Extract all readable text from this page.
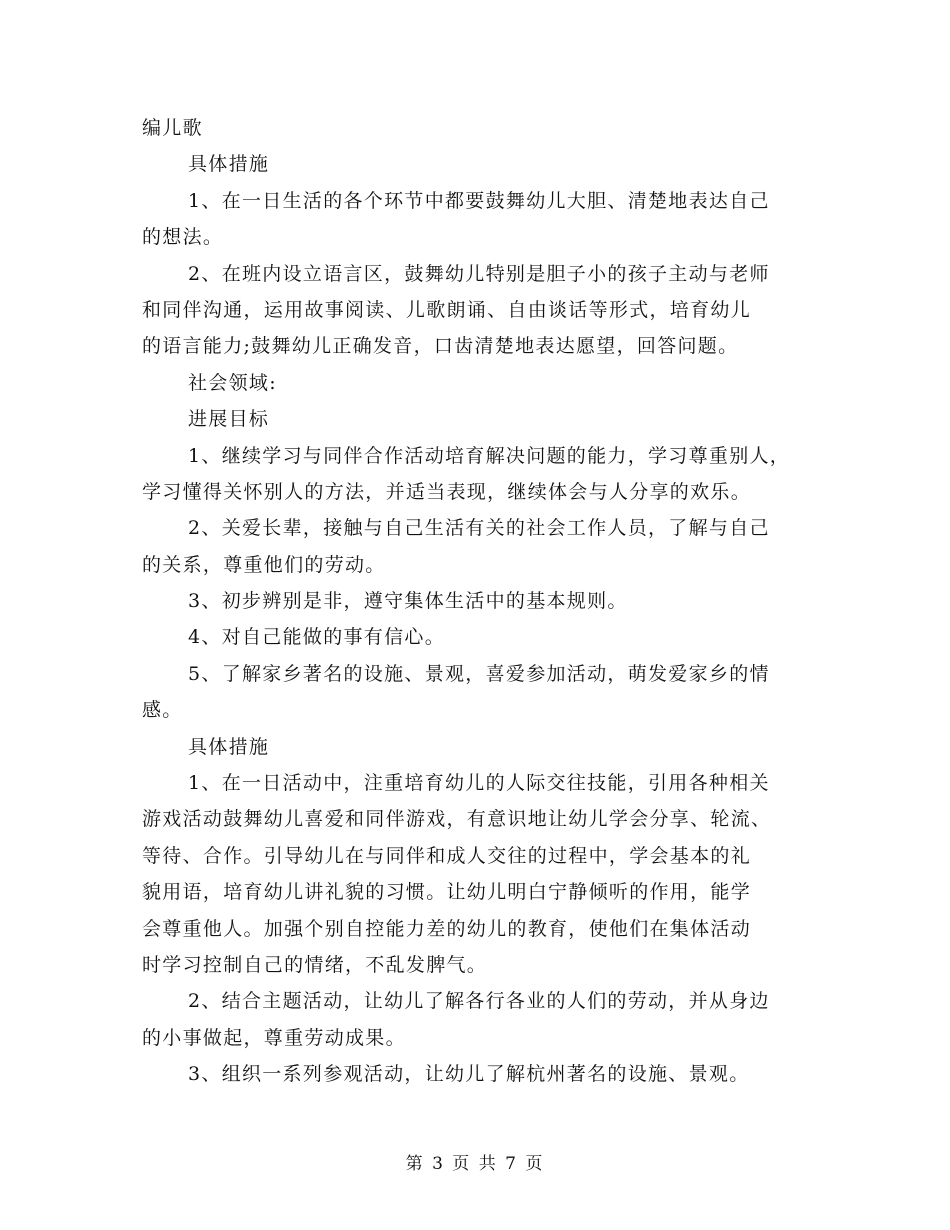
编儿歌
具体措施
1、在一日生活的各个环节中都要鼓舞幼儿大胆、清楚地表达自己
的想法。
2、在班内设立语言区，鼓舞幼儿特别是胆子小的孩子主动与老师
和同伴沟通，运用故事阅读、儿歌朗诵、自由谈话等形式，培育幼儿
的语言能力;鼓舞幼儿正确发音，口齿清楚地表达愿望，回答问题。
社会领域:
进展目标
1、继续学习与同伴合作活动培育解决问题的能力，学习尊重别人，
学习懂得关怀别人的方法，并适当表现，继续体会与人分享的欢乐。
2、关爱长辈，接触与自己生活有关的社会工作人员，了解与自己
的关系，尊重他们的劳动。
3、初步辨别是非，遵守集体生活中的基本规则。
4、对自己能做的事有信心。
5、了解家乡著名的设施、景观，喜爱参加活动，萌发爱家乡的情
感。
具体措施
1、在一日活动中，注重培育幼儿的人际交往技能，引用各种相关
游戏活动鼓舞幼儿喜爱和同伴游戏，有意识地让幼儿学会分享、轮流、
等待、合作。引导幼儿在与同伴和成人交往的过程中，学会基本的礼
貌用语，培育幼儿讲礼貌的习惯。让幼儿明白宁静倾听的作用，能学
会尊重他人。加强个别自控能力差的幼儿的教育，使他们在集体活动
时学习控制自己的情绪，不乱发脾气。
2、结合主题活动，让幼儿了解各行各业的人们的劳动，并从身边
的小事做起，尊重劳动成果。
3、组织一系列参观活动，让幼儿了解杭州著名的设施、景观。
第 3 页 共 7 页
